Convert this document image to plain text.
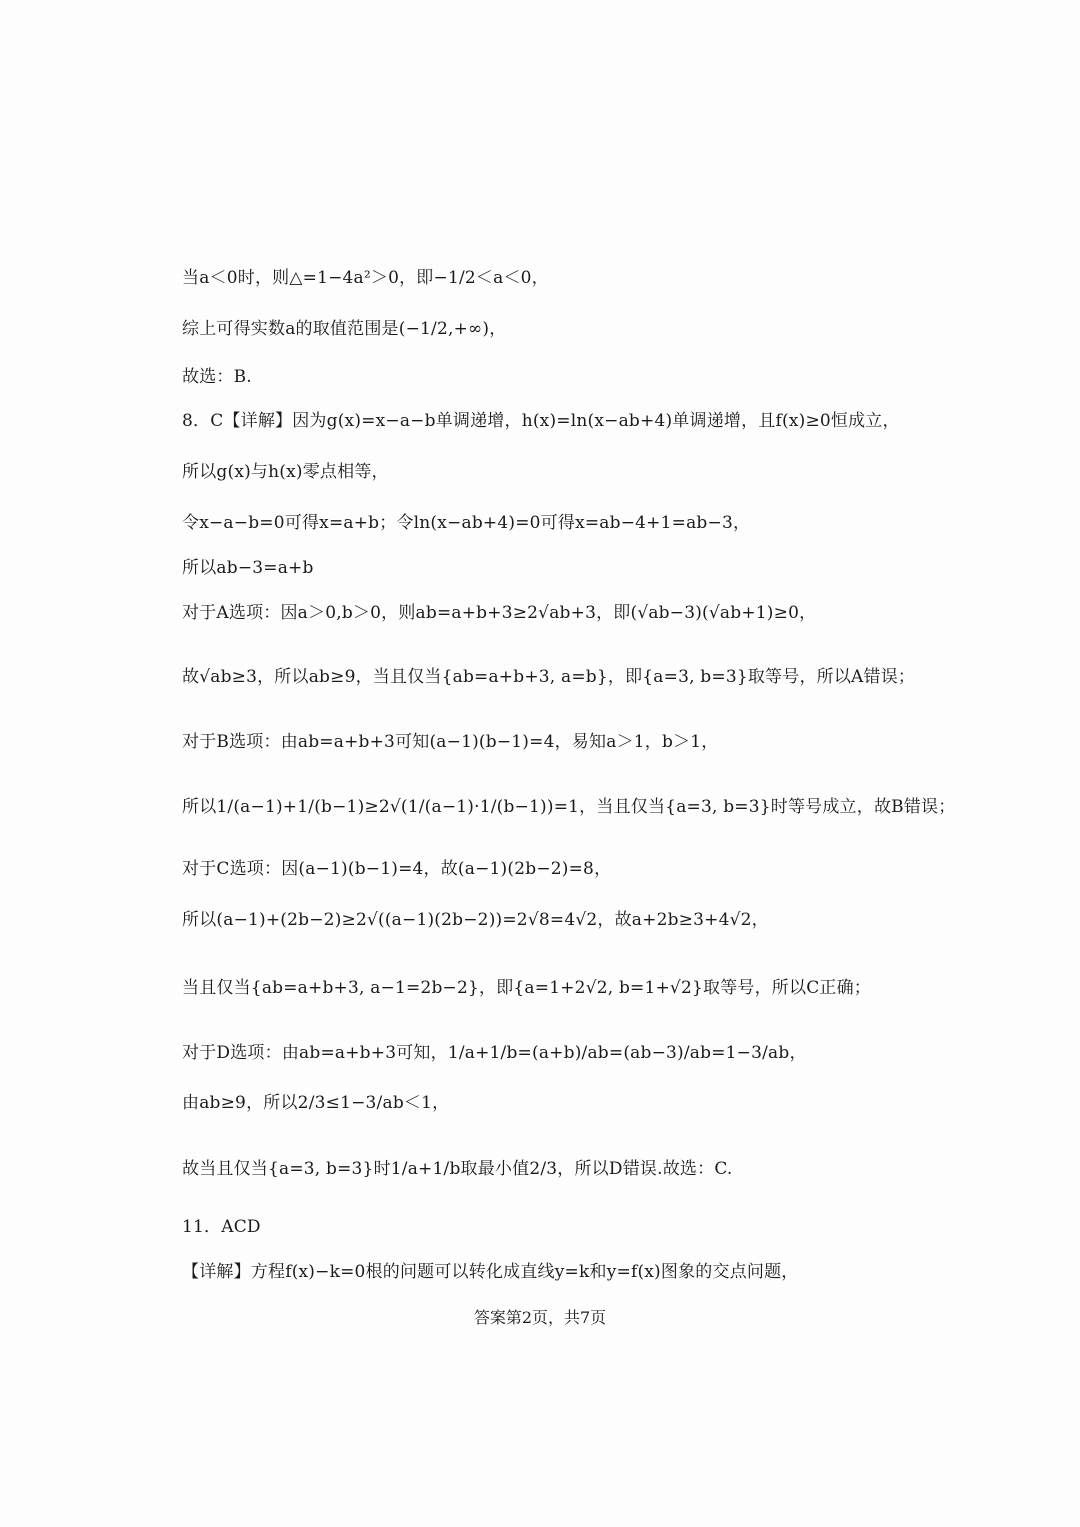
当a＜0时，则△=1−4a²＞0，即−1/2＜a＜0，
综上可得实数a的取值范围是(−1/2,+∞)，
故选：B.
8．C【详解】因为g(x)=x−a−b单调递增，h(x)=ln(x−ab+4)单调递增，且f(x)≥0恒成立，
所以g(x)与h(x)零点相等，
令x−a−b=0可得x=a+b；令ln(x−ab+4)=0可得x=ab−4+1=ab−3，
所以ab−3=a+b
对于A选项：因a＞0,b＞0，则ab=a+b+3≥2√ab+3，即(√ab−3)(√ab+1)≥0，
故√ab≥3，所以ab≥9，当且仅当{ab=a+b+3, a=b}，即{a=3, b=3}取等号，所以A错误；
对于B选项：由ab=a+b+3可知(a−1)(b−1)=4，易知a＞1，b＞1，
所以1/(a−1)+1/(b−1)≥2√(1/(a−1)·1/(b−1))=1，当且仅当{a=3, b=3}时等号成立，故B错误；
对于C选项：因(a−1)(b−1)=4，故(a−1)(2b−2)=8，
所以(a−1)+(2b−2)≥2√((a−1)(2b−2))=2√8=4√2，故a+2b≥3+4√2，
当且仅当{ab=a+b+3, a−1=2b−2}，即{a=1+2√2, b=1+√2}取等号，所以C正确；
对于D选项：由ab=a+b+3可知，1/a+1/b=(a+b)/ab=(ab−3)/ab=1−3/ab，
由ab≥9，所以2/3≤1−3/ab＜1，
故当且仅当{a=3, b=3}时1/a+1/b取最小值2/3，所以D错误.故选：C.
11．ACD
【详解】方程f(x)−k=0根的问题可以转化成直线y=k和y=f(x)图象的交点问题，
答案第2页，共7页
